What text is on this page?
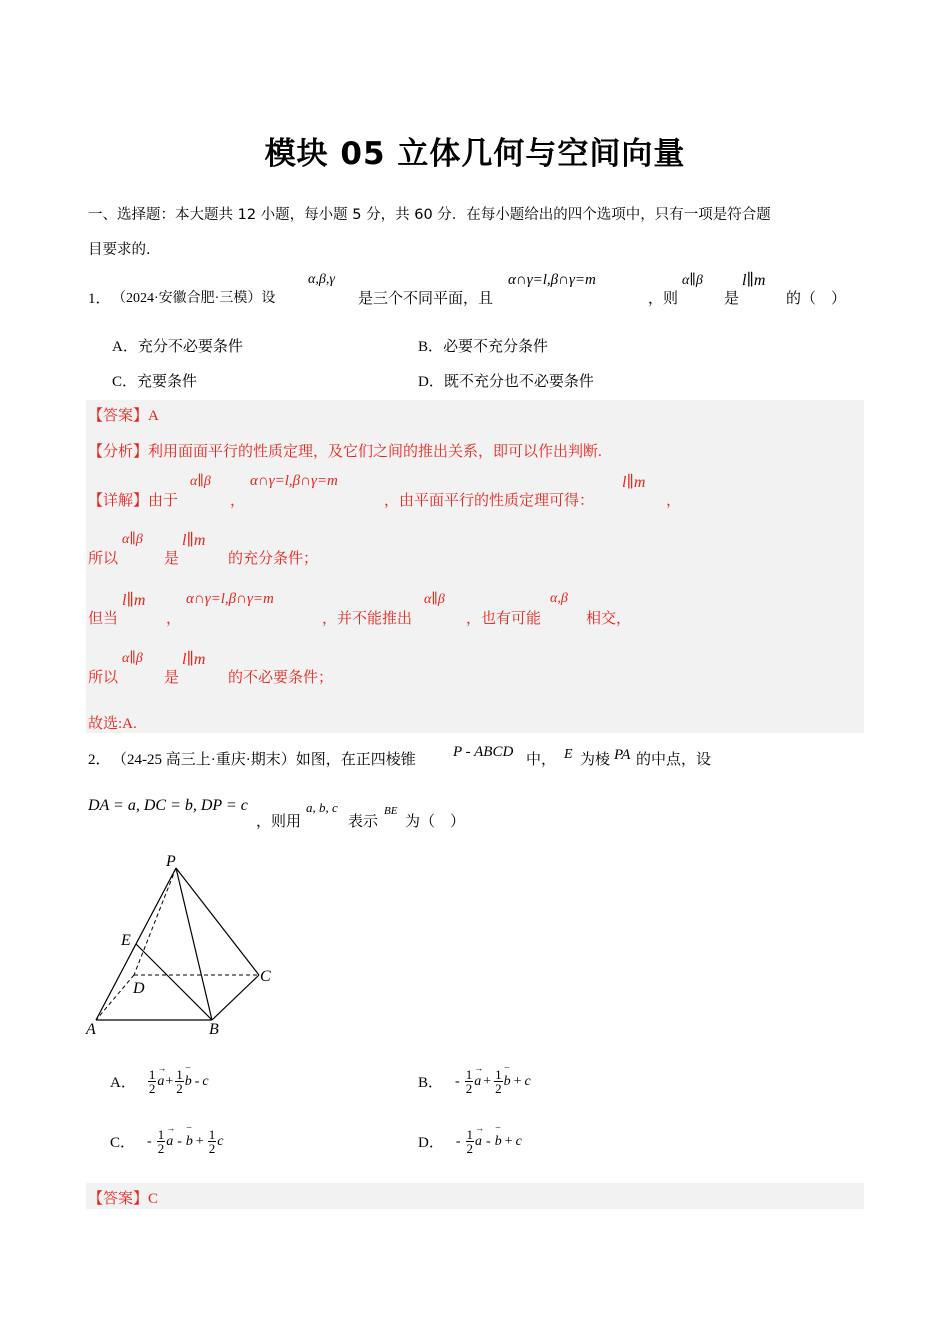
模块 05 立体几何与空间向量
一、选择题：本大题共 12 小题，每小题 5 分，共 60 分．在每小题给出的四个选项中，只有一项是符合题
目要求的.
1． （2024·安徽合肥·三模）设
α,β,γ
是三个不同平面，且
α∩γ=l,β∩γ=m
，则
α∥β
是
l∥m
的（　）
A．充分不必要条件	B．必要不充分条件
C．充要条件	D．既不充分也不必要条件
【答案】A
【分析】利用面面平行的性质定理，及它们之间的推出关系，即可以作出判断.
【详解】由于
α∥β
，
α∩γ=l,β∩γ=m
，由平面平行的性质定理可得：
l∥m
，
所以
α∥β
是
l∥m
的充分条件；
但当
l∥m
，
α∩γ=l,β∩γ=m
，并不能推出
α∥β
，也有可能
α,β
相交，
所以
α∥β
是
l∥m
的不必要条件；
故选:A.
2． （24-25 高三上·重庆·期末）如图，在正四棱锥 P - ABCD 中， E 为棱 PA 的中点，设
DA = a, DC = b, DP = c
，则用
a, b, c
表示
BE
为（　）
P
E
D
C
A	B
A． $\frac{1}{2}$
→ $a + \frac{1}{2}$
‒ b - c	B． - $\frac{1}{2}$
→ $a + \frac{1}{2}$
‒ b + c
C． - $\frac{1}{2}$
→ a -
‒ $b + \frac{1}{2}$ c	D． - $\frac{1}{2}$
→ a -
‒ b + c
【答案】C
